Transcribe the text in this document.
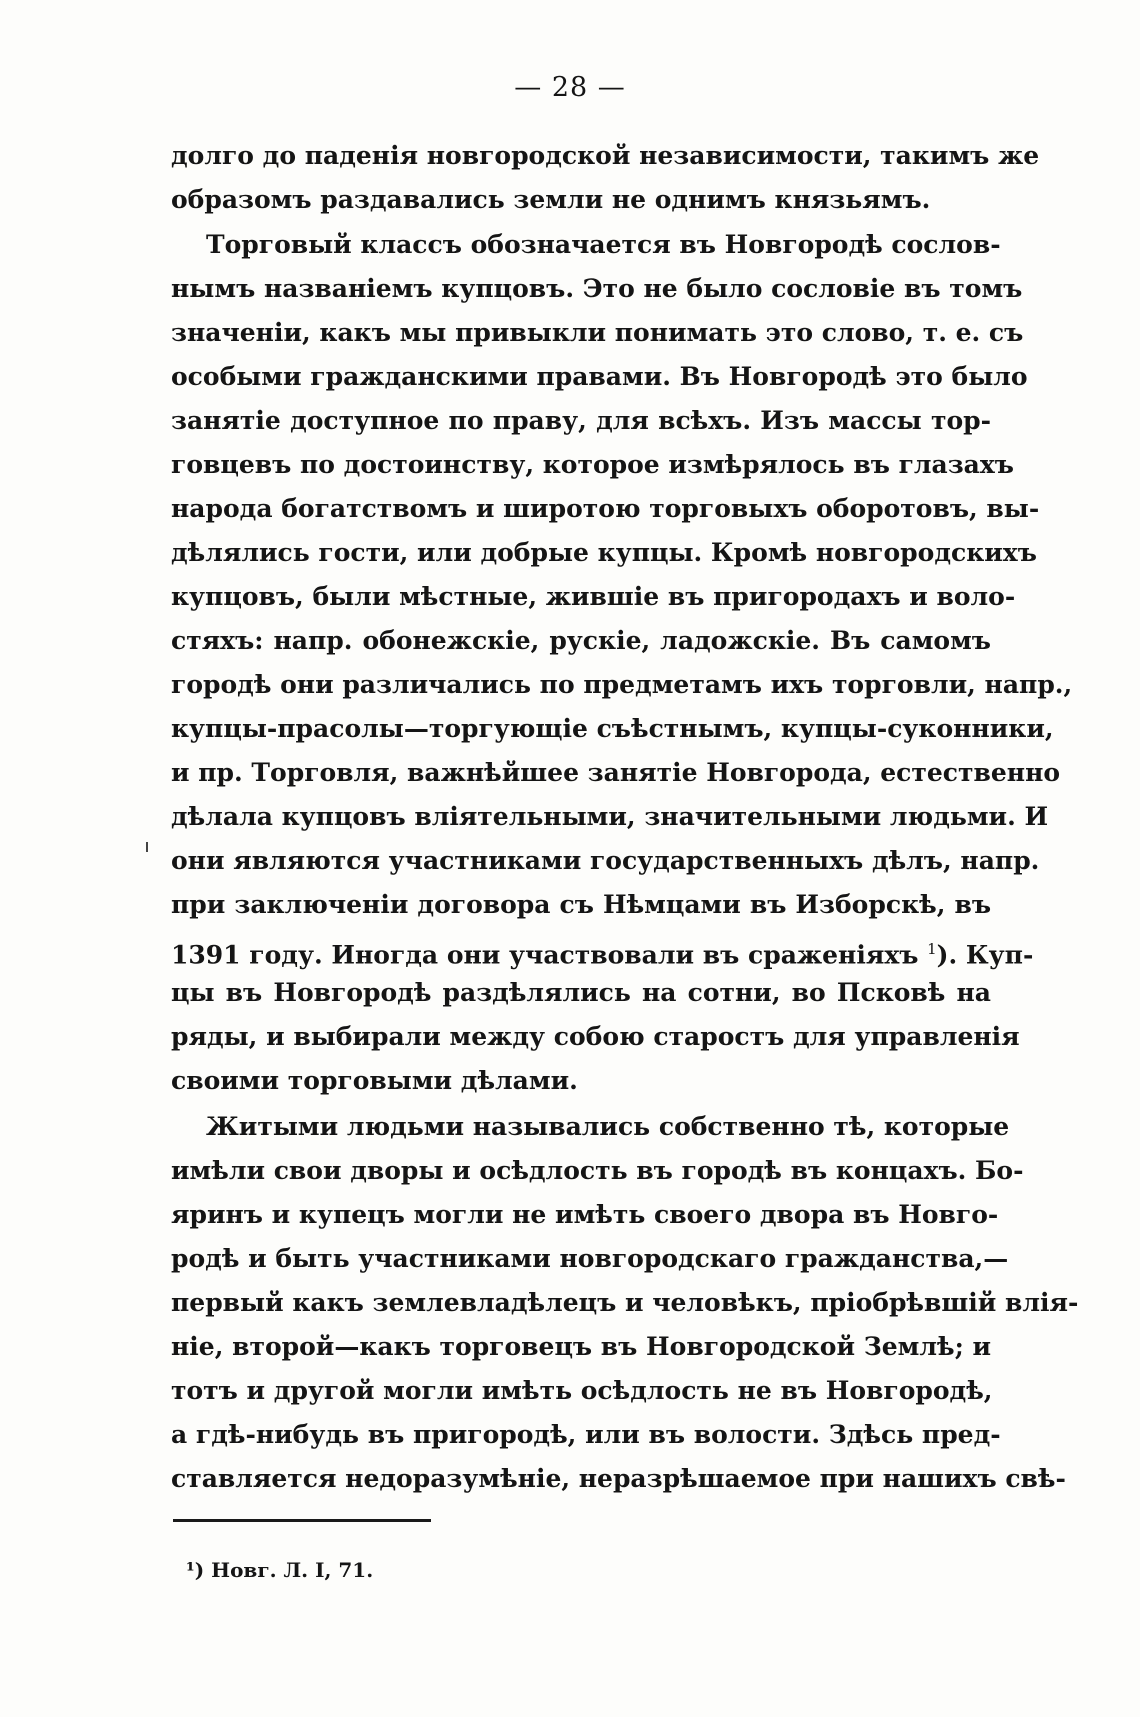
— 28 —
долго до паденія новгородской независимости, такимъ же
образомъ раздавались земли не однимъ князьямъ.
Торговый классъ обозначается въ Новгородѣ сослов-
нымъ названіемъ купцовъ. Это не было сословіе въ томъ
значеніи, какъ мы привыкли понимать это слово, т. е. съ
особыми гражданскими правами. Въ Новгородѣ это было
занятіе доступное по праву, для всѣхъ. Изъ массы тор-
говцевъ по достоинству, которое измѣрялось въ глазахъ
народа богатствомъ и широтою торговыхъ оборотовъ, вы-
дѣлялись гости, или добрые купцы. Кромѣ новгородскихъ
купцовъ, были мѣстные, жившіе въ пригородахъ и воло-
стяхъ: напр. обонежскіе, рускіе, ладожскіе. Въ самомъ
городѣ они различались по предметамъ ихъ торговли, напр.,
купцы-прасолы—торгующіе съѣстнымъ, купцы-суконники,
и пр. Торговля, важнѣйшее занятіе Новгорода, естественно
дѣлала купцовъ вліятельными, значительными людьми. И
они являются участниками государственныхъ дѣлъ, напр.
при заключеніи договора съ Нѣмцами въ Изборскѣ, въ
1391 году. Иногда они участвовали въ сраженіяхъ $^1$). Куп-
цы въ Новгородѣ раздѣлялись на сотни, во Псковѣ на
ряды, и выбирали между собою старостъ для управленія
своими торговыми дѣлами.
Житыми людьми назывались собственно тѣ, которые
имѣли свои дворы и осѣдлость въ городѣ въ концахъ. Бо-
яринъ и купецъ могли не имѣть своего двора въ Новго-
родѣ и быть участниками новгородскаго гражданства,—
первый какъ землевладѣлецъ и человѣкъ, пріобрѣвшій влія-
ніе, второй—какъ торговецъ въ Новгородской Землѣ; и
тотъ и другой могли имѣть осѣдлость не въ Новгородѣ,
а гдѣ-нибудь въ пригородѣ, или въ волости. Здѣсь пред-
ставляется недоразумѣніе, неразрѣшаемое при нашихъ свѣ-
¹) Новг. Л. I, 71.
